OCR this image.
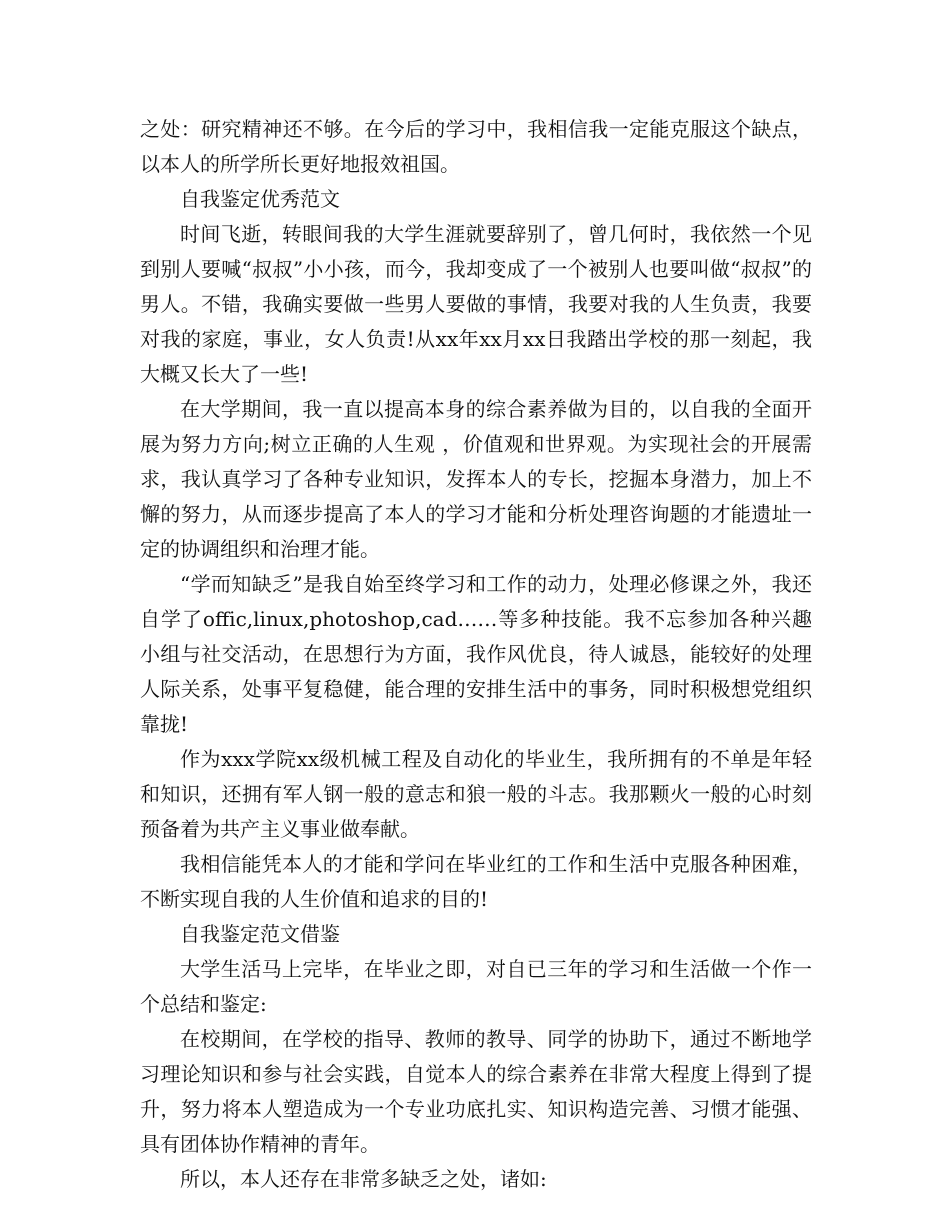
之处：研究精神还不够。在今后的学习中，我相信我一定能克服这个缺点，以本人的所学所长更好地报效祖国。

自我鉴定优秀范文

时间飞逝，转眼间我的大学生涯就要辞别了，曾几何时，我依然一个见到别人要喊“叔叔”小小孩，而今，我却变成了一个被别人也要叫做“叔叔”的男人。不错，我确实要做一些男人要做的事情，我要对我的人生负责，我要对我的家庭，事业，女人负责!从xx年xx月xx日我踏出学校的那一刻起，我大概又长大了一些!

在大学期间，我一直以提高本身的综合素养做为目的，以自我的全面开展为努力方向;树立正确的人生观 ，价值观和世界观。为实现社会的开展需求，我认真学习了各种专业知识，发挥本人的专长，挖掘本身潜力，加上不懈的努力，从而逐步提高了本人的学习才能和分析处理咨询题的才能遗址一定的协调组织和治理才能。

“学而知缺乏”是我自始至终学习和工作的动力，处理必修课之外，我还自学了offic,linux,photoshop,cad……等多种技能。我不忘参加各种兴趣小组与社交活动，在思想行为方面，我作风优良，待人诚恳，能较好的处理人际关系，处事平复稳健，能合理的安排生活中的事务，同时积极想党组织靠拢!

作为xxx学院xx级机械工程及自动化的毕业生，我所拥有的不单是年轻和知识，还拥有军人钢一般的意志和狼一般的斗志。我那颗火一般的心时刻预备着为共产主义事业做奉献。

我相信能凭本人的才能和学问在毕业红的工作和生活中克服各种困难，不断实现自我的人生价值和追求的目的!

自我鉴定范文借鉴

大学生活马上完毕，在毕业之即，对自已三年的学习和生活做一个作一个总结和鉴定:

在校期间，在学校的指导、教师的教导、同学的协助下，通过不断地学习理论知识和参与社会实践，自觉本人的综合素养在非常大程度上得到了提升，努力将本人塑造成为一个专业功底扎实、知识构造完善、习惯才能强、具有团体协作精神的青年。

所以，本人还存在非常多缺乏之处，诸如:
